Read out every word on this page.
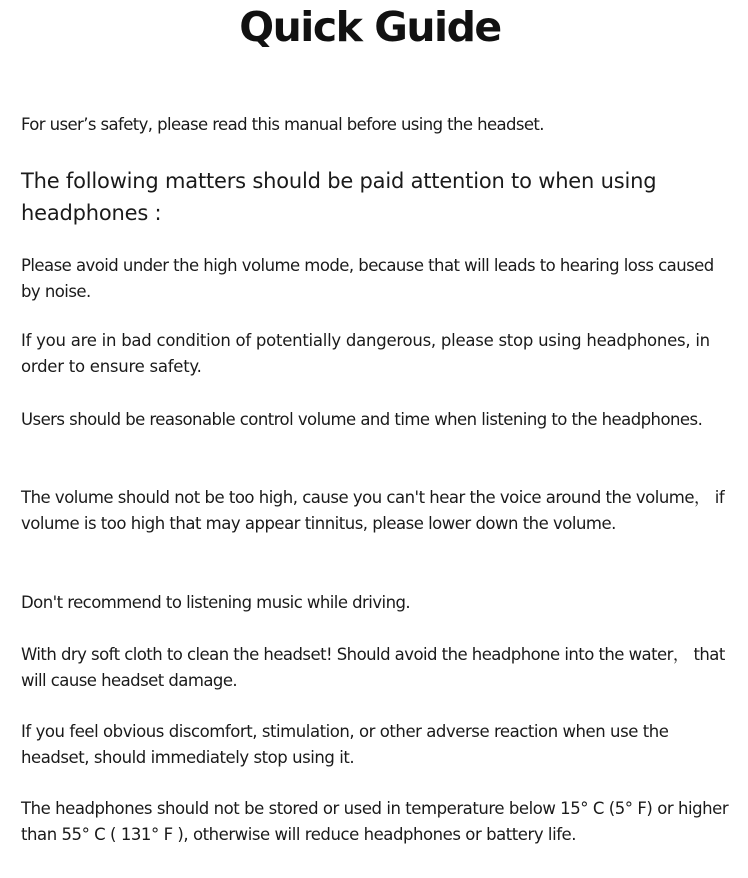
Quick Guide
For user’s safety, please read this manual before using the headset.
The following matters should be paid attention to when using headphones :
Please avoid under the high volume mode, because that will leads to hearing loss caused by noise.
If you are in bad condition of potentially dangerous, please stop using headphones, in order to ensure safety.
Users should be reasonable control volume and time when listening to the headphones.
The volume should not be too high, cause you can't hear the voice around the volume， if volume is too high that may appear tinnitus, please lower down the volume.
Don't recommend to listening music while driving.
With dry soft cloth to clean the headset! Should avoid the headphone into the water， that will cause headset damage.
If you feel obvious discomfort, stimulation, or other adverse reaction when use the headset, should immediately stop using it.
The headphones should not be stored or used in temperature below 15° C (5° F) or higher than 55° C ( 131° F ), otherwise will reduce headphones or battery life.
